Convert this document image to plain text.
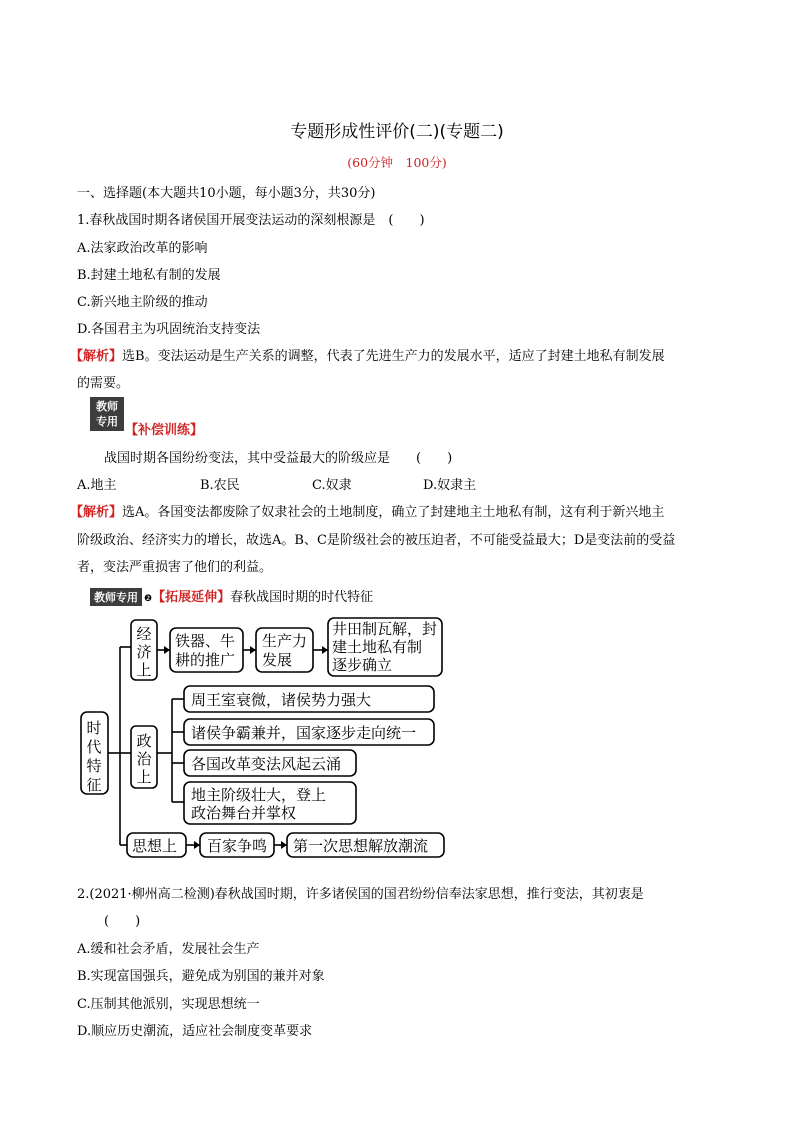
专题形成性评价(二)(专题二)
(60分钟　100分)
一、选择题(本大题共10小题，每小题3分，共30分)
1.春秋战国时期各诸侯国开展变法运动的深刻根源是　(　　)
A.法家政治改革的影响
B.封建土地私有制的发展
C.新兴地主阶级的推动
D.各国君主为巩固统治支持变法
【解析】选B。变法运动是生产关系的调整，代表了先进生产力的发展水平，适应了封建土地私有制发展
的需要。
教师
专用
【补偿训练】
战国时期各国纷纷变法，其中受益最大的阶级应是　　(　　)
A.地主	B.农民	C.奴隶	D.奴隶主
【解析】选A。各国变法都废除了奴隶社会的土地制度，确立了封建地主土地私有制，这有利于新兴地主
阶级政治、经济实力的增长，故选A。B、C是阶级社会的被压迫者，不可能受益最大；D是变法前的受益
者，变法严重损害了他们的利益。
教师专用 ❷【拓展延伸】春秋战国时期的时代特征
时
代
特
征
经
济
上
铁器、牛
耕的推广
生产力
发展
井田制瓦解，封
建土地私有制
逐步确立
政
治
上
周王室衰微，诸侯势力强大
诸侯争霸兼并，国家逐步走向统一
各国改革变法风起云涌
地主阶级壮大，登上
政治舞台并掌权
思想上 百家争鸣 第一次思想解放潮流
2.(2021·柳州高二检测)春秋战国时期，许多诸侯国的国君纷纷信奉法家思想，推行变法，其初衷是
(　　)
A.缓和社会矛盾，发展社会生产
B.实现富国强兵，避免成为别国的兼并对象
C.压制其他派别，实现思想统一
D.顺应历史潮流，适应社会制度变革要求
